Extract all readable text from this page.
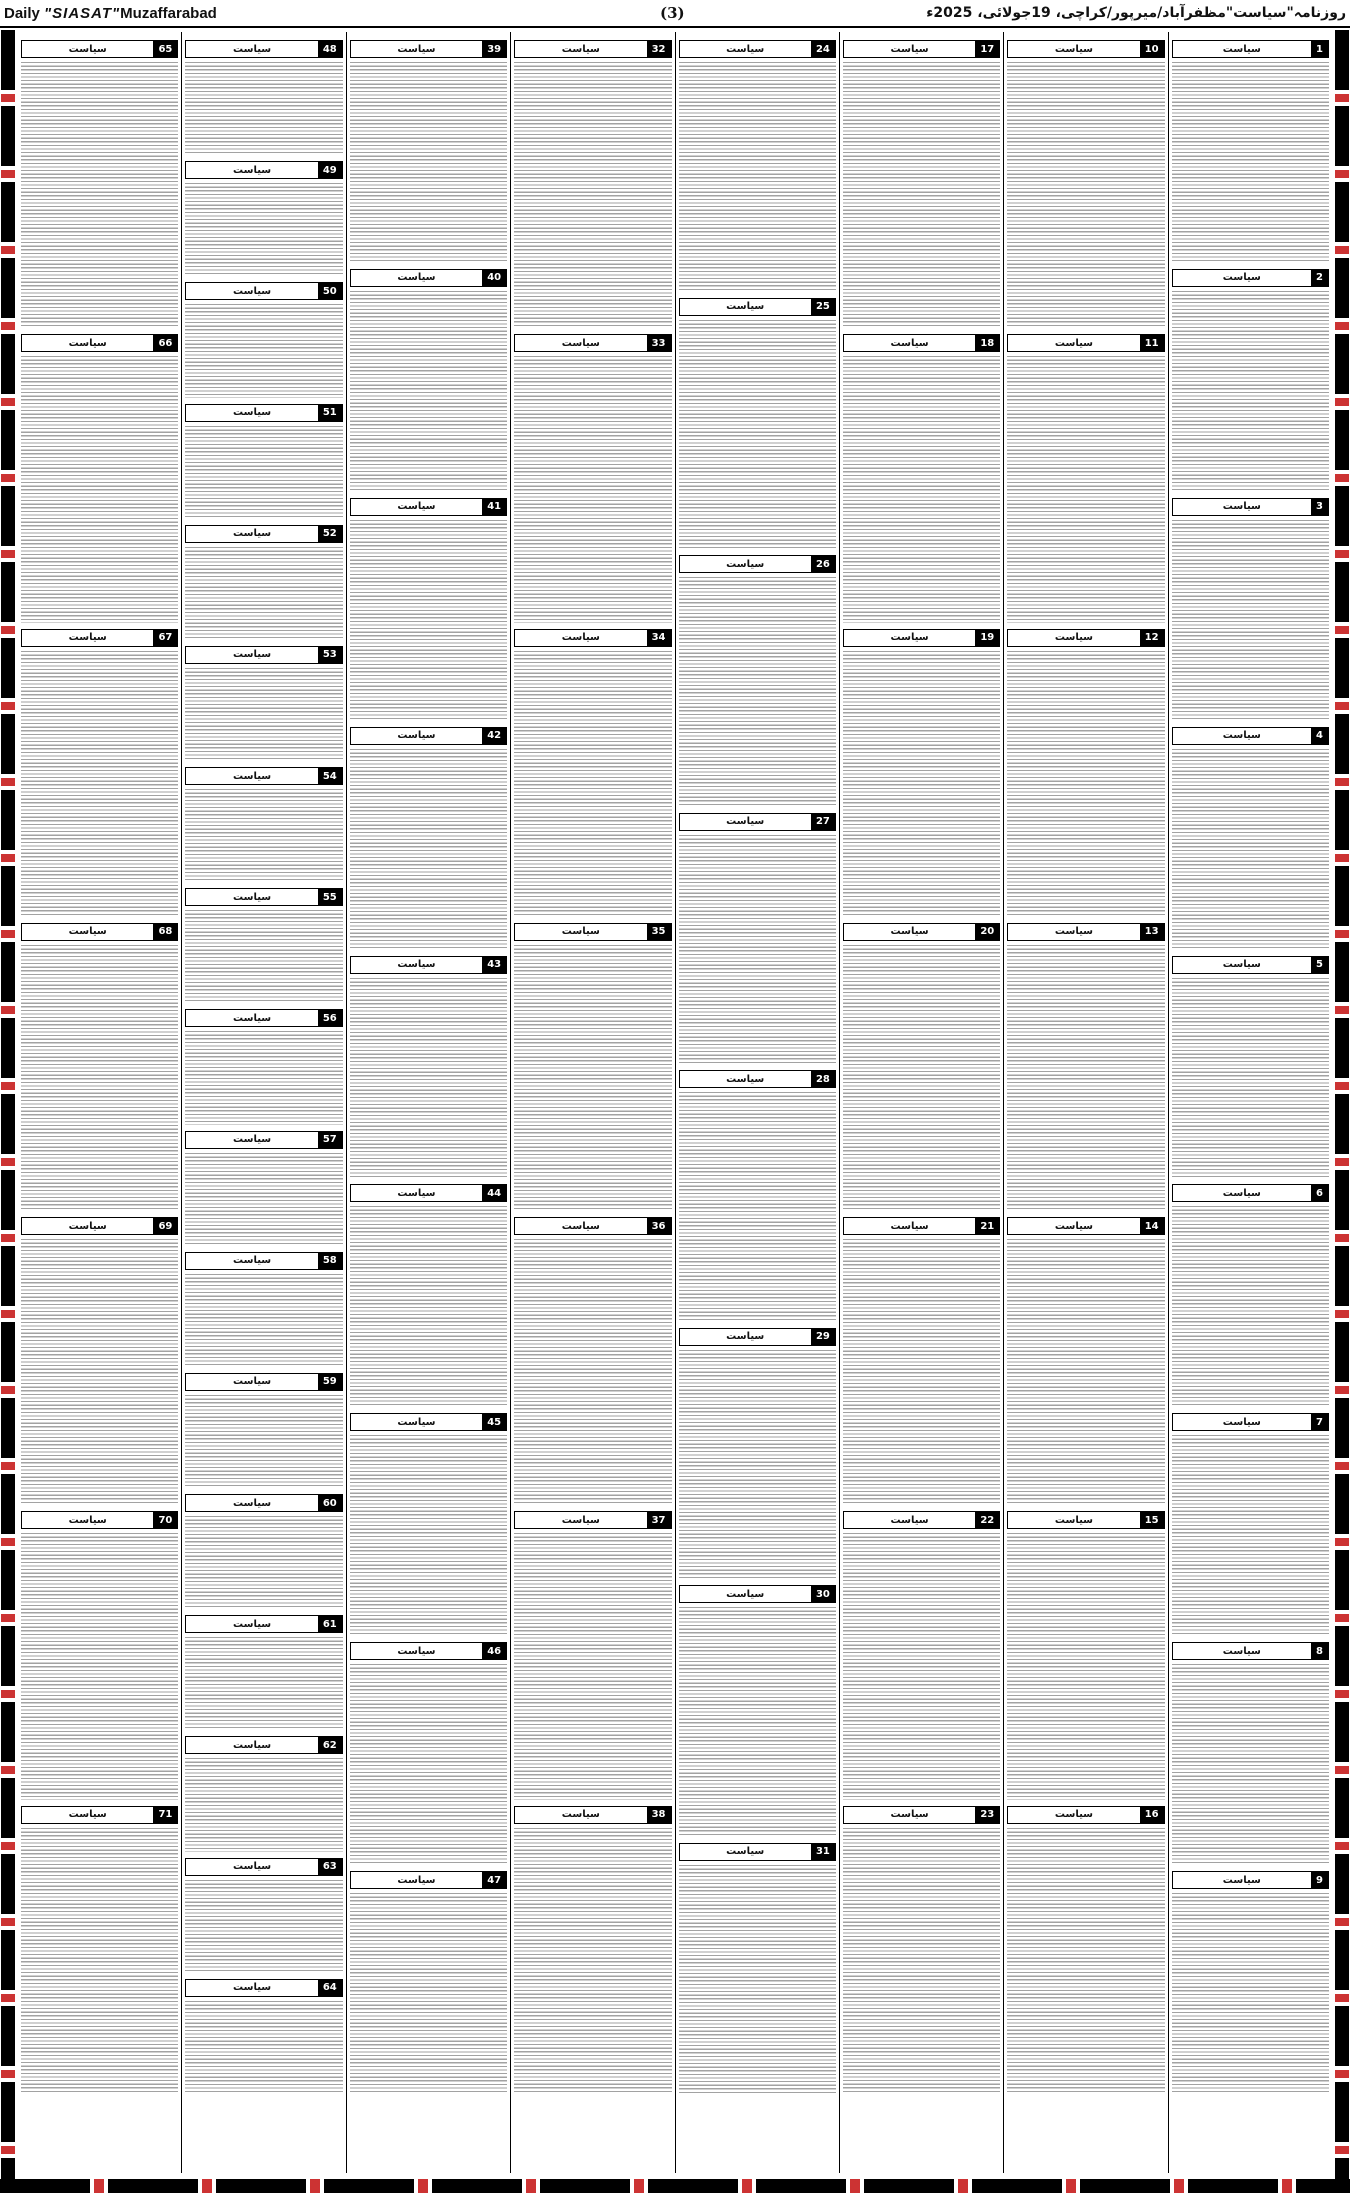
Daily "SIASAT"Muzaffarabad	(3)	روزنامہ"سیاست"مظفرآباد/میرپور/کراچی، 19جولائی، 2025ء
سیاست	1
سیاست	2
سیاست	3
سیاست	4
سیاست	5
سیاست	6
سیاست	7
سیاست	8
سیاست	9
سیاست	10
سیاست	11
سیاست	12
سیاست	13
سیاست	14
سیاست	15
سیاست	16
سیاست	17
سیاست	18
سیاست	19
سیاست	20
سیاست	21
سیاست	22
سیاست	23
سیاست	24
سیاست	25
سیاست	26
سیاست	27
سیاست	28
سیاست	29
سیاست	30
سیاست	31
سیاست	32
سیاست	33
سیاست	34
سیاست	35
سیاست	36
سیاست	37
سیاست	38
سیاست	39
سیاست	40
سیاست	41
سیاست	42
سیاست	43
سیاست	44
سیاست	45
سیاست	46
سیاست	47
سیاست	48
سیاست	49
سیاست	50
سیاست	51
سیاست	52
سیاست	53
سیاست	54
سیاست	55
سیاست	56
سیاست	57
سیاست	58
سیاست	59
سیاست	60
سیاست	61
سیاست	62
سیاست	63
سیاست	64
سیاست	65
سیاست	66
سیاست	67
سیاست	68
سیاست	69
سیاست	70
سیاست	71
